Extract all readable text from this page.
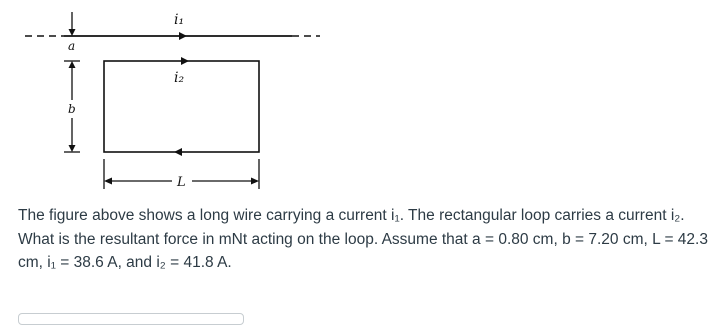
i₁
a
b
i₂
L

The figure above shows a long wire carrying a current i₁. The rectangular loop carries a current i₂. What is the resultant force in mNt acting on the loop. Assume that a = 0.80 cm, b = 7.20 cm, L = 42.3 cm, i₁ = 38.6 A, and i₂ = 41.8 A.
